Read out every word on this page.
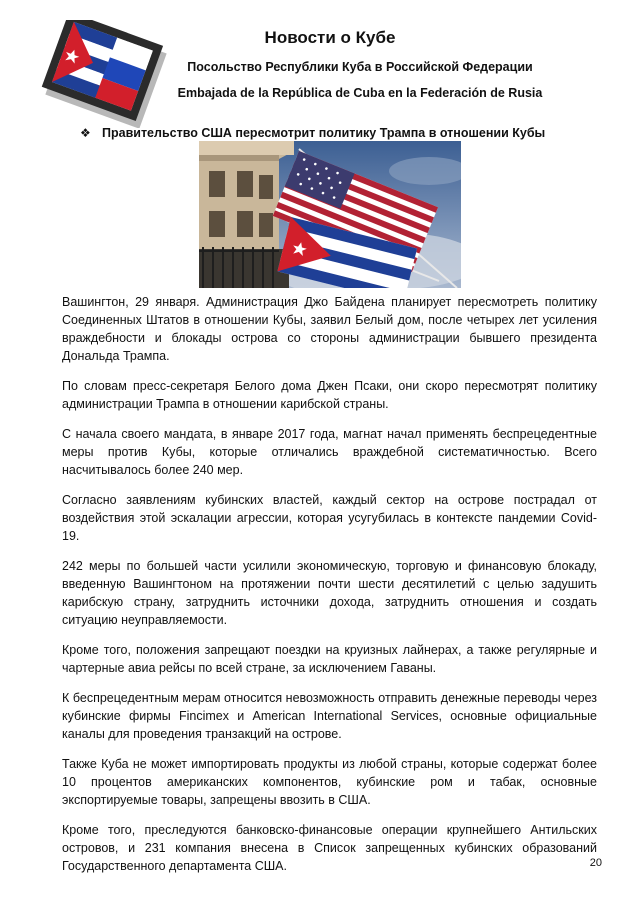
Новости о Кубе
Посольство Республики Куба в Российской Федерации
Embajada de la República de Cuba en la Federación de Rusia
❖ Правительство США пересмотрит политику Трампа в отношении Кубы

Вашингтон, 29 января. Администрация Джо Байдена планирует пересмотреть политику Соединенных Штатов в отношении Кубы, заявил Белый дом, после четырех лет усиления враждебности и блокады острова со стороны администрации бывшего президента Дональда Трампа.

По словам пресс-секретаря Белого дома Джен Псаки, они скоро пересмотрят политику администрации Трампа в отношении карибской страны.

С начала своего мандата, в январе 2017 года, магнат начал применять беспрецедентные меры против Кубы, которые отличались враждебной систематичностью. Всего насчитывалось более 240 мер.

Согласно заявлениям кубинских властей, каждый сектор на острове пострадал от воздействия этой эскалации агрессии, которая усугубилась в контексте пандемии Covid-19.

242 меры по большей части усилили экономическую, торговую и финансовую блокаду, введенную Вашингтоном на протяжении почти шести десятилетий с целью задушить карибскую страну, затруднить источники дохода, затруднить отношения и создать ситуацию неуправляемости.

Кроме того, положения запрещают поездки на круизных лайнерах, а также регулярные и чартерные авиа рейсы по всей стране, за исключением Гаваны.

К беспрецедентным мерам относится невозможность отправить денежные переводы через кубинские фирмы Fincimex и American International Services, основные официальные каналы для проведения транзакций на острове.

Также Куба не может импортировать продукты из любой страны, которые содержат более 10 процентов американских компонентов, кубинские ром и табак, основные экспортируемые товары, запрещены ввозить в США.

Кроме того, преследуются банковско-финансовые операции крупнейшего Антильских островов, и 231 компания внесена в Список запрещенных кубинских образований Государственного департамента США.	20
